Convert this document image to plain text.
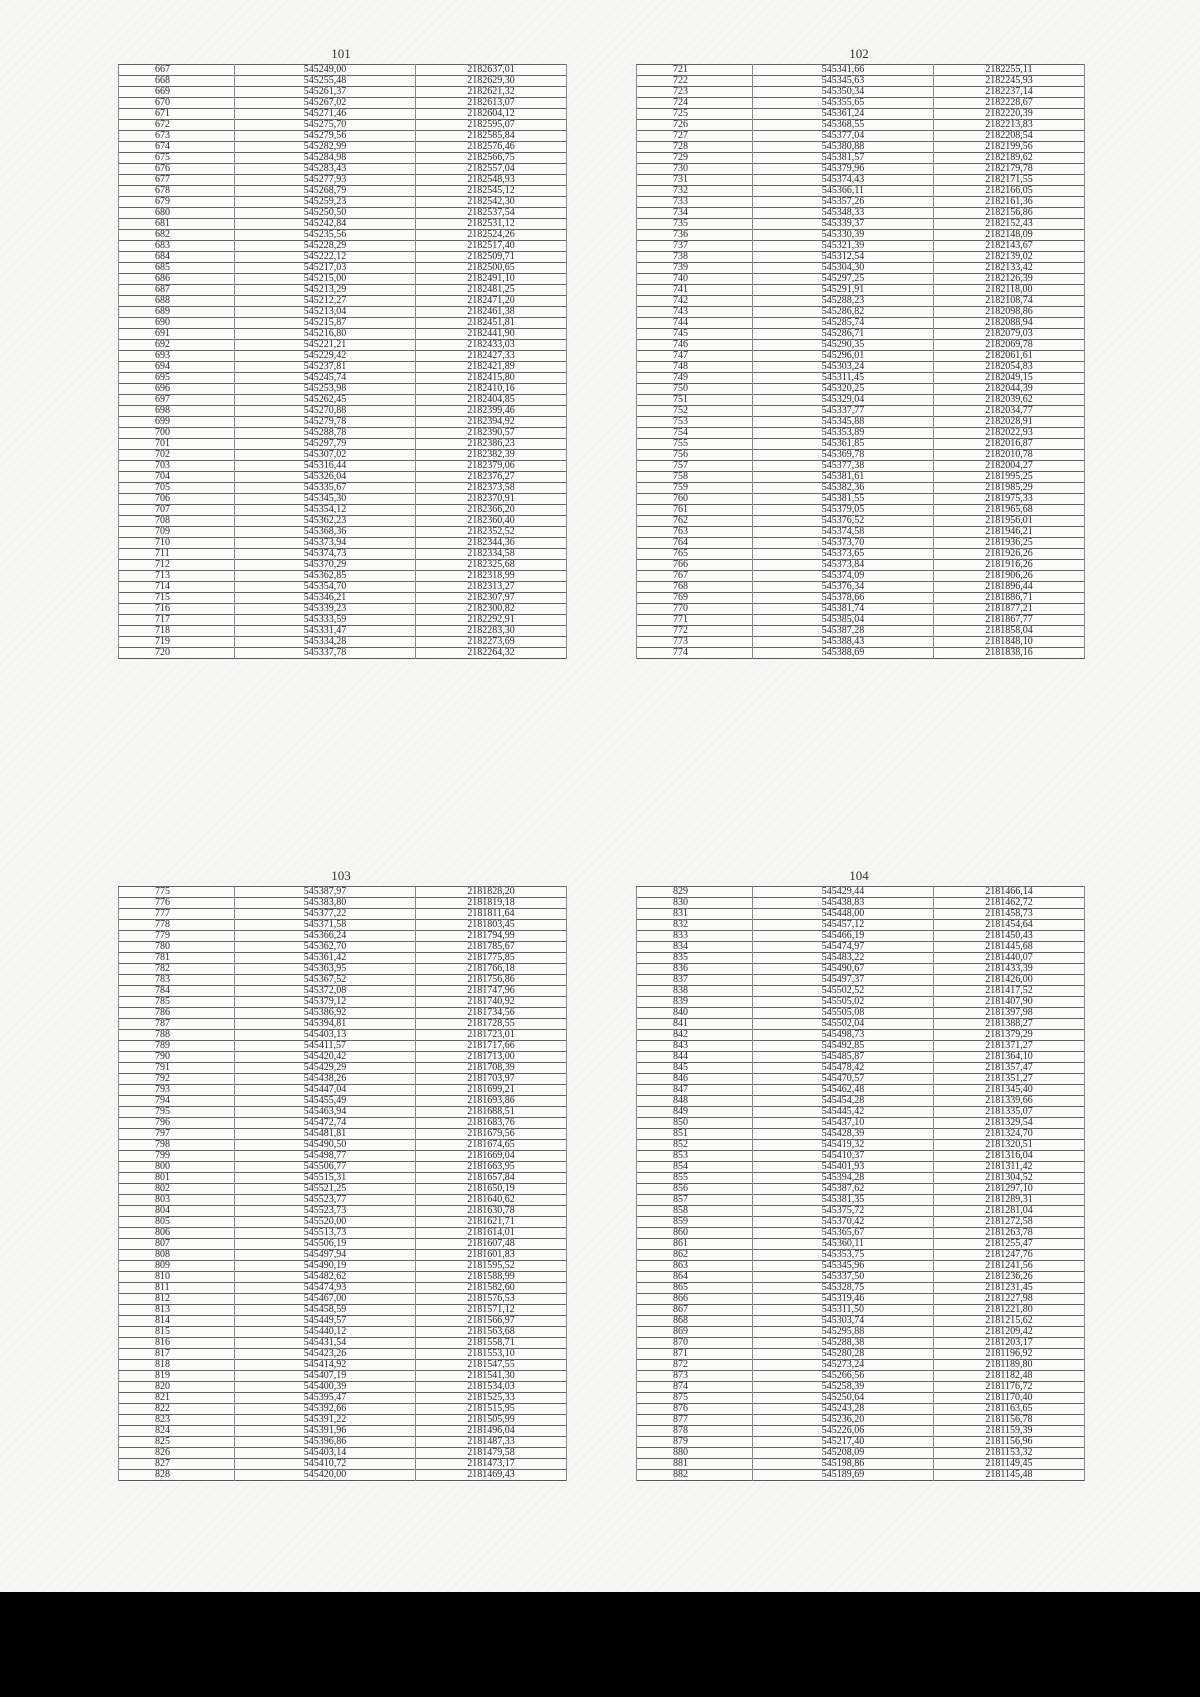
101
667	545249,00	2182637,01
668	545255,48	2182629,30
669	545261,37	2182621,32
670	545267,02	2182613,07
671	545271,46	2182604,12
672	545275,70	2182595,07
673	545279,56	2182585,84
674	545282,99	2182576,46
675	545284,98	2182566,75
676	545283,43	2182557,04
677	545277,93	2182548,93
678	545268,79	2182545,12
679	545259,23	2182542,30
680	545250,50	2182537,54
681	545242,84	2182531,12
682	545235,56	2182524,26
683	545228,29	2182517,40
684	545222,12	2182509,71
685	545217,03	2182500,65
686	545215,00	2182491,10
687	545213,29	2182481,25
688	545212,27	2182471,20
689	545213,04	2182461,38
690	545215,87	2182451,81
691	545216,80	2182441,90
692	545221,21	2182433,03
693	545229,42	2182427,33
694	545237,81	2182421,89
695	545245,74	2182415,80
696	545253,98	2182410,16
697	545262,45	2182404,85
698	545270,88	2182399,46
699	545279,78	2182394,92
700	545288,78	2182390,57
701	545297,79	2182386,23
702	545307,02	2182382,39
703	545316,44	2182379,06
704	545326,04	2182376,27
705	545335,67	2182373,58
706	545345,30	2182370,91
707	545354,12	2182366,20
708	545362,23	2182360,40
709	545368,36	2182352,52
710	545373,94	2182344,36
711	545374,73	2182334,58
712	545370,29	2182325,68
713	545362,85	2182318,99
714	545354,70	2182313,27
715	545346,21	2182307,97
716	545339,23	2182300,82
717	545333,59	2182292,91
718	545331,47	2182283,30
719	545334,28	2182273,69
720	545337,78	2182264,32
102
721	545341,66	2182255,11
722	545345,63	2182245,93
723	545350,34	2182237,14
724	545355,65	2182228,67
725	545361,24	2182220,39
726	545368,55	2182213,83
727	545377,04	2182208,54
728	545380,88	2182199,56
729	545381,57	2182189,62
730	545379,96	2182179,78
731	545374,43	2182171,55
732	545366,11	2182166,05
733	545357,26	2182161,36
734	545348,33	2182156,86
735	545339,37	2182152,43
736	545330,39	2182148,09
737	545321,39	2182143,67
738	545312,54	2182139,02
739	545304,30	2182133,42
740	545297,25	2182126,39
741	545291,91	2182118,00
742	545288,23	2182108,74
743	545286,82	2182098,86
744	545285,74	2182088,94
745	545286,71	2182079,03
746	545290,35	2182069,78
747	545296,01	2182061,61
748	545303,24	2182054,83
749	545311,45	2182049,15
750	545320,25	2182044,39
751	545329,04	2182039,62
752	545337,77	2182034,77
753	545345,88	2182028,91
754	545353,89	2182022,93
755	545361,85	2182016,87
756	545369,78	2182010,78
757	545377,38	2182004,27
758	545381,61	2181995,25
759	545382,36	2181985,29
760	545381,55	2181975,33
761	545379,05	2181965,68
762	545376,52	2181956,01
763	545374,58	2181946,21
764	545373,70	2181936,25
765	545373,65	2181926,26
766	545373,84	2181916,26
767	545374,09	2181906,26
768	545376,34	2181896,44
769	545378,66	2181886,71
770	545381,74	2181877,21
771	545385,04	2181867,77
772	545387,28	2181858,04
773	545388,43	2181848,10
774	545388,69	2181838,16
103
775	545387,97	2181828,20
776	545383,80	2181819,18
777	545377,22	2181811,64
778	545371,58	2181803,45
779	545366,24	2181794,99
780	545362,70	2181785,67
781	545361,42	2181775,85
782	545363,95	2181766,18
783	545367,52	2181756,86
784	545372,08	2181747,96
785	545379,12	2181740,92
786	545386,92	2181734,56
787	545394,81	2181728,55
788	545403,13	2181723,01
789	545411,57	2181717,66
790	545420,42	2181713,00
791	545429,29	2181708,39
792	545438,26	2181703,97
793	545447,04	2181699,21
794	545455,49	2181693,86
795	545463,94	2181688,51
796	545472,74	2181683,76
797	545481,81	2181679,56
798	545490,50	2181674,65
799	545498,77	2181669,04
800	545506,77	2181663,95
801	545515,31	2181657,84
802	545521,25	2181650,19
803	545523,77	2181640,62
804	545523,73	2181630,78
805	545520,00	2181621,71
806	545513,73	2181614,01
807	545506,19	2181607,48
808	545497,94	2181601,83
809	545490,19	2181595,52
810	545482,62	2181588,99
811	545474,93	2181582,60
812	545467,00	2181576,53
813	545458,59	2181571,12
814	545449,57	2181566,97
815	545440,12	2181563,68
816	545431,54	2181558,71
817	545423,26	2181553,10
818	545414,92	2181547,55
819	545407,19	2181541,30
820	545400,39	2181534,03
821	545395,47	2181525,33
822	545392,66	2181515,95
823	545391,22	2181505,99
824	545391,96	2181496,04
825	545396,86	2181487,33
826	545403,14	2181479,58
827	545410,72	2181473,17
828	545420,00	2181469,43
104
829	545429,44	2181466,14
830	545438,83	2181462,72
831	545448,00	2181458,73
832	545457,12	2181454,64
833	545466,19	2181450,43
834	545474,97	2181445,68
835	545483,22	2181440,07
836	545490,67	2181433,39
837	545497,37	2181426,00
838	545502,52	2181417,52
839	545505,02	2181407,90
840	545505,08	2181397,98
841	545502,04	2181388,27
842	545498,73	2181379,29
843	545492,85	2181371,27
844	545485,87	2181364,10
845	545478,42	2181357,47
846	545470,57	2181351,27
847	545462,48	2181345,40
848	545454,28	2181339,66
849	545445,42	2181335,07
850	545437,10	2181329,54
851	545428,39	2181324,70
852	545419,32	2181320,51
853	545410,37	2181316,04
854	545401,93	2181311,42
855	545394,28	2181304,52
856	545387,62	2181297,10
857	545381,35	2181289,31
858	545375,72	2181281,04
859	545370,42	2181272,58
860	545365,67	2181263,78
861	545360,11	2181255,47
862	545353,75	2181247,76
863	545345,96	2181241,56
864	545337,50	2181236,26
865	545328,75	2181231,45
866	545319,46	2181227,98
867	545311,50	2181221,80
868	545303,74	2181215,62
869	545295,88	2181209,42
870	545288,38	2181203,17
871	545280,28	2181196,92
872	545273,24	2181189,80
873	545266,56	2181182,48
874	545258,39	2181176,72
875	545250,64	2181170,40
876	545243,28	2181163,65
877	545236,20	2181156,78
878	545226,06	2181159,39
879	545217,40	2181156,96
880	545208,09	2181153,32
881	545198,86	2181149,45
882	545189,69	2181145,48
